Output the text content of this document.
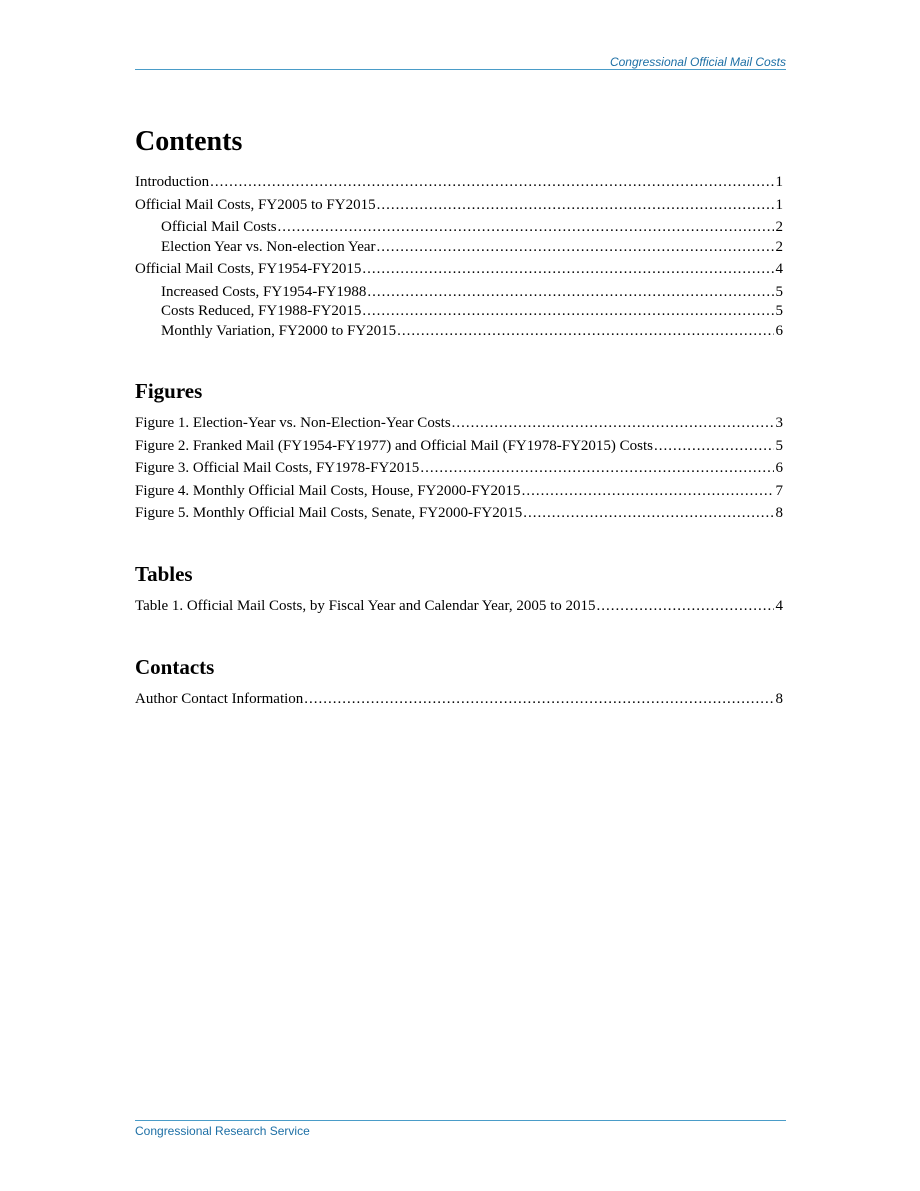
Congressional Official Mail Costs
Contents
Introduction .....	1
Official Mail Costs, FY2005 to FY2015 .....	1
Official Mail Costs .....	2
Election Year vs. Non-election Year .....	2
Official Mail Costs, FY1954-FY2015 .....	4
Increased Costs, FY1954-FY1988 .....	5
Costs Reduced, FY1988-FY2015 .....	5
Monthly Variation, FY2000 to FY2015 .....	6
Figures
Figure 1. Election-Year vs. Non-Election-Year Costs .....	3
Figure 2. Franked Mail (FY1954-FY1977) and Official Mail (FY1978-FY2015) Costs .....	5
Figure 3. Official Mail Costs, FY1978-FY2015 .....	6
Figure 4. Monthly Official Mail Costs, House, FY2000-FY2015 .....	7
Figure 5. Monthly Official Mail Costs, Senate, FY2000-FY2015 .....	8
Tables
Table 1. Official Mail Costs, by Fiscal Year and Calendar Year, 2005 to 2015 .....	4
Contacts
Author Contact Information .....	8
Congressional Research Service
